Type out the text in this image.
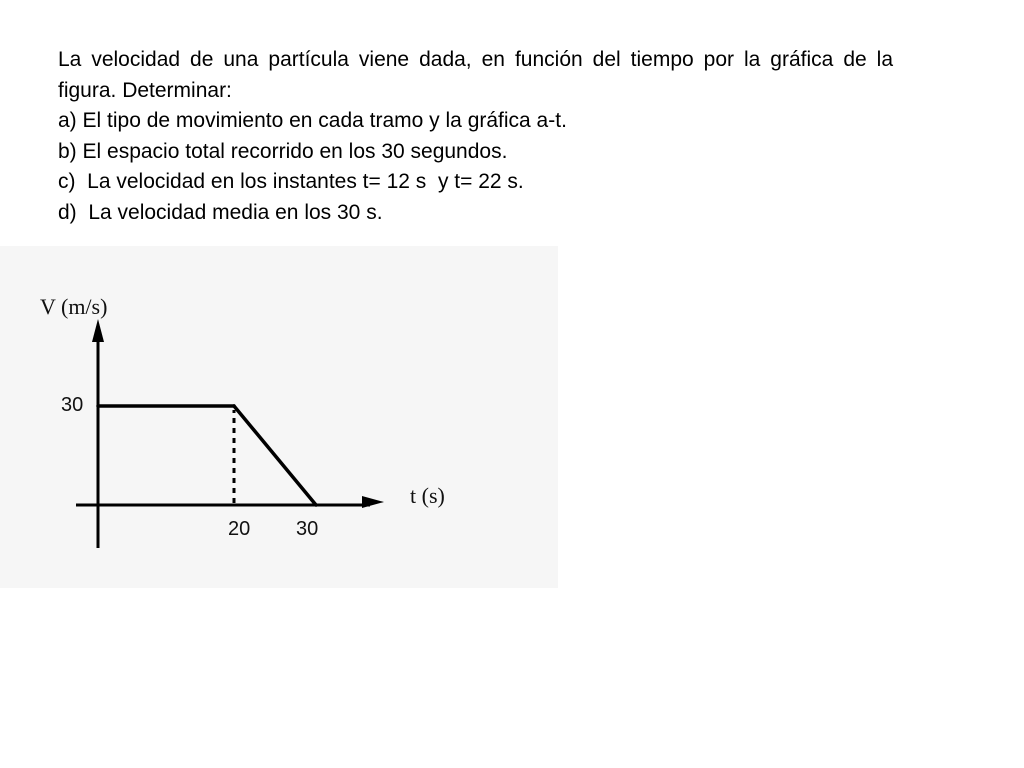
La velocidad de una partícula viene dada, en función del tiempo por la gráfica de la figura. Determinar:

a) El tipo de movimiento en cada tramo y la gráfica a-t.

b) El espacio total recorrido en los 30 segundos.

c)  La velocidad en los instantes t= 12 s  y t= 22 s.

d)  La velocidad media en los 30 s.

V (m/s)
t (s)
30
20 30
